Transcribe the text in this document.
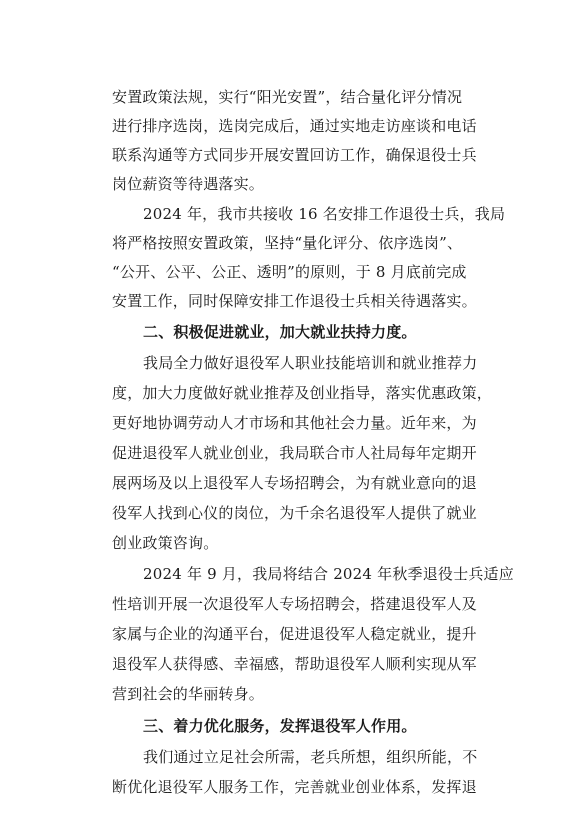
安置政策法规，实行“阳光安置”，结合量化评分情况
进行排序选岗，选岗完成后，通过实地走访座谈和电话
联系沟通等方式同步开展安置回访工作，确保退役士兵
岗位薪资等待遇落实。
2024 年，我市共接收 16 名安排工作退役士兵，我局
将严格按照安置政策，坚持“量化评分、依序选岗”、
“公开、公平、公正、透明”的原则，于 8 月底前完成
安置工作，同时保障安排工作退役士兵相关待遇落实。
二、积极促进就业，加大就业扶持力度。
我局全力做好退役军人职业技能培训和就业推荐力
度，加大力度做好就业推荐及创业指导，落实优惠政策，
更好地协调劳动人才市场和其他社会力量。近年来，为
促进退役军人就业创业，我局联合市人社局每年定期开
展两场及以上退役军人专场招聘会，为有就业意向的退
役军人找到心仪的岗位，为千余名退役军人提供了就业
创业政策咨询。
2024 年 9 月，我局将结合 2024 年秋季退役士兵适应
性培训开展一次退役军人专场招聘会，搭建退役军人及
家属与企业的沟通平台，促进退役军人稳定就业，提升
退役军人获得感、幸福感，帮助退役军人顺利实现从军
营到社会的华丽转身。
三、着力优化服务，发挥退役军人作用。
我们通过立足社会所需，老兵所想，组织所能，不
断优化退役军人服务工作，完善就业创业体系，发挥退
